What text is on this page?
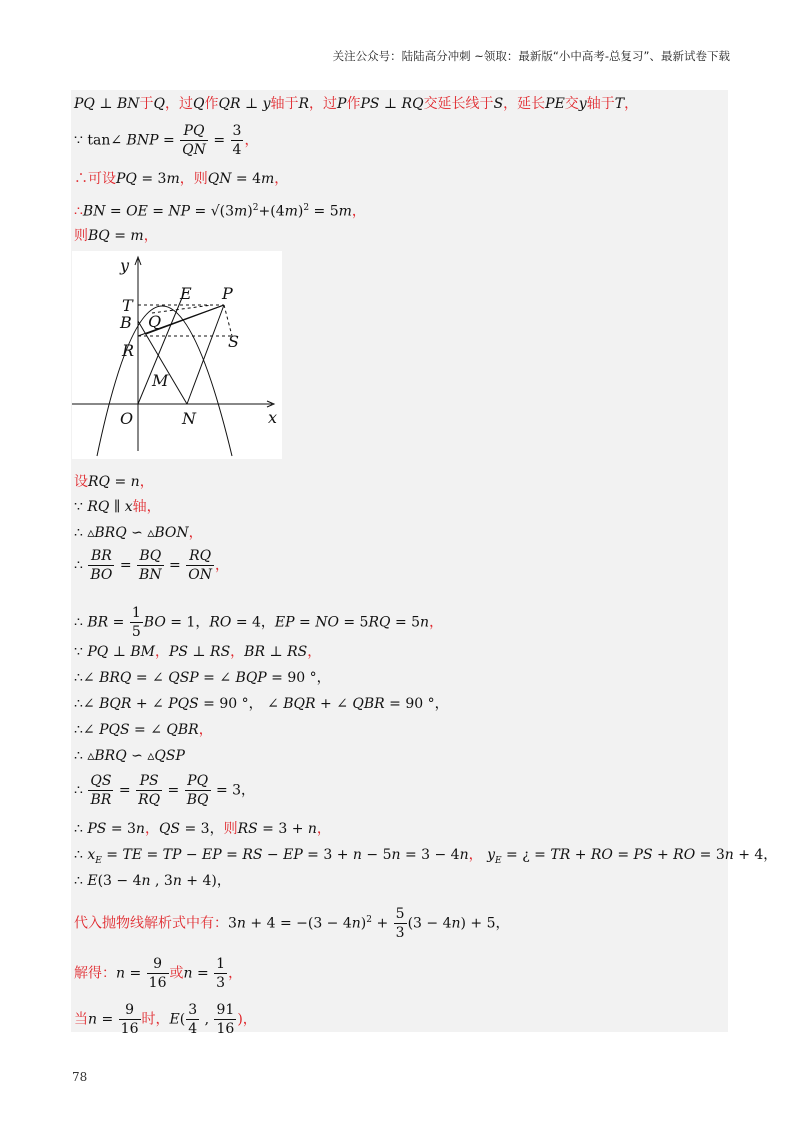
关注公众号：陆陆高分冲刺 ~领取：最新版“小中高考-总复习”、最新试卷下载
PQ ⊥ BN于Q，过Q作QR ⊥ y轴于R，过P作PS ⊥ RQ交延长线于S，延长PE交y轴于T，
∵ tan∠ BNP = $\frac{PQ}{QN} = \frac{3}{4}$ ，
∴可设PQ = 3m，则QN = 4m，
∴BN = OE = NP = $√(3m)^2+(4m)^2 = 5m$，
则BQ = m，
设RQ = n，
∵ RQ ∥ x轴，
∴ ▵BRQ ∽ ▵BON，
∴ $\frac{BR}{BO} = \frac{BQ}{BN} = \frac{RQ}{ON}$ ，
∴ BR = $\frac{1}{5}$ BO = 1，RO = 4，EP = NO = 5RQ = 5n，
∵ PQ ⊥ BM，PS ⊥ RS，BR ⊥ RS，
∴∠ BRQ = ∠ QSP = ∠ BQP = 90 °，
∴∠ BQR + ∠ PQS = 90 °， ∠ BQR + ∠ QBR = 90 °，
∴∠ PQS = ∠ QBR，
∴ ▵BRQ ∽ ▵QSP
∴ $\frac{QS}{BR} = \frac{PS}{RQ} = \frac{PQ}{BQ} = 3$，
∴ PS = 3n，QS = 3，则RS = 3 + n，
∴ $x_E$ = TE = TP − EP = RS − EP = 3 + n − 5n = 3 − 4n， $y_E$ = ¿ = TR + RO = PS + RO = 3n + 4，
∴ E(3 − 4n , 3n + 4)，
代入抛物线解析式中有：$3n + 4 = -(3 - 4n)^2 + \frac{5}{3} (3 - 4n) + 5$，
解得：$n = \frac{9}{16}$ 或$n = \frac{1}{3}$ ，
当$n = \frac{9}{16}$ 时，$E( \frac{3}{4}$ , $\frac{91}{16}$ )，
y
x
T
E P
B Q
S
R
M
O	N
78
